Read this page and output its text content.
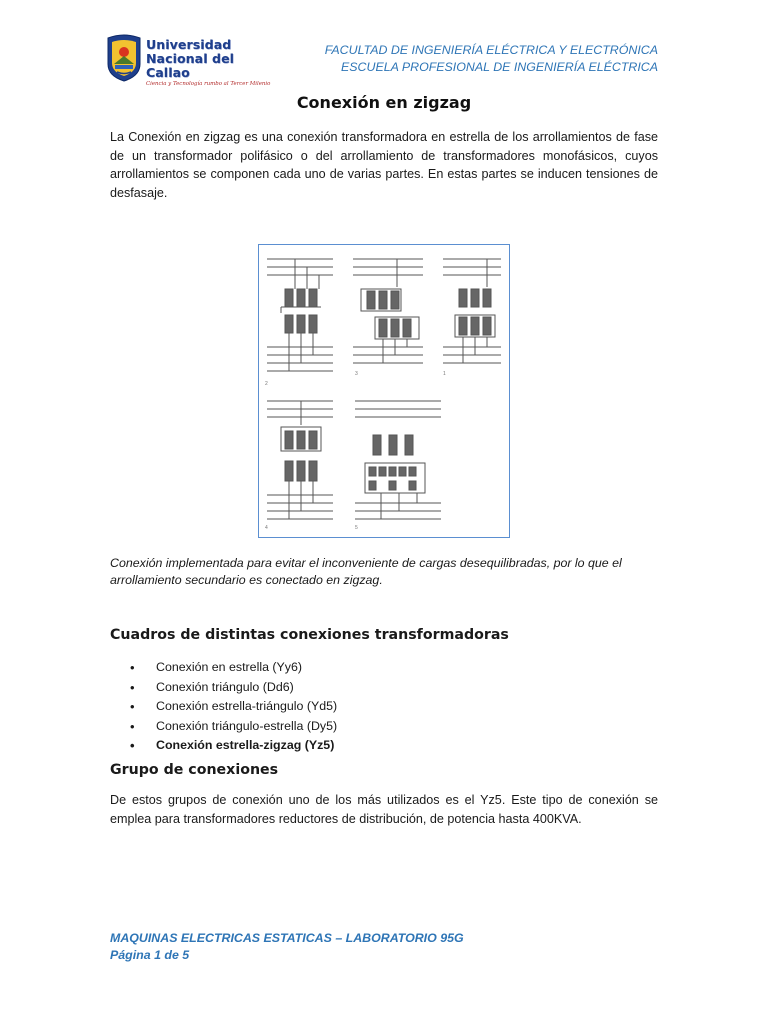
Universidad
Nacional del Callao
Ciencia y Tecnología rumbo al Tercer Milenio
FACULTAD DE INGENIERÍA ELÉCTRICA Y ELECTRÓNICA
ESCUELA PROFESIONAL DE INGENIERÍA ELÉCTRICA
Conexión en zigzag

La Conexión en zigzag es una conexión transformadora en estrella de los arrollamientos de fase de un transformador polifásico o del arrollamiento de transformadores monofásicos, cuyos arrollamientos se componen cada uno de varias partes. En estas partes se inducen tensiones de desfasaje.

2
3	1
4	5

Conexión implementada para evitar el inconveniente de cargas desequilibradas, por lo que el arrollamiento secundario es conectado en zigzag.

Cuadros de distintas conexiones transformadoras
• Conexión en estrella (Yy6)
• Conexión triángulo (Dd6)
• Conexión estrella-triángulo (Yd5)
• Conexión triángulo-estrella (Dy5)
• Conexión estrella-zigzag (Yz5)
Grupo de conexiones

De estos grupos de conexión uno de los más utilizados es el Yz5. Este tipo de conexión se emplea para transformadores reductores de distribución, de potencia hasta 400KVA.

MAQUINAS ELECTRICAS ESTATICAS – LABORATORIO 95G
Página 1 de 5
